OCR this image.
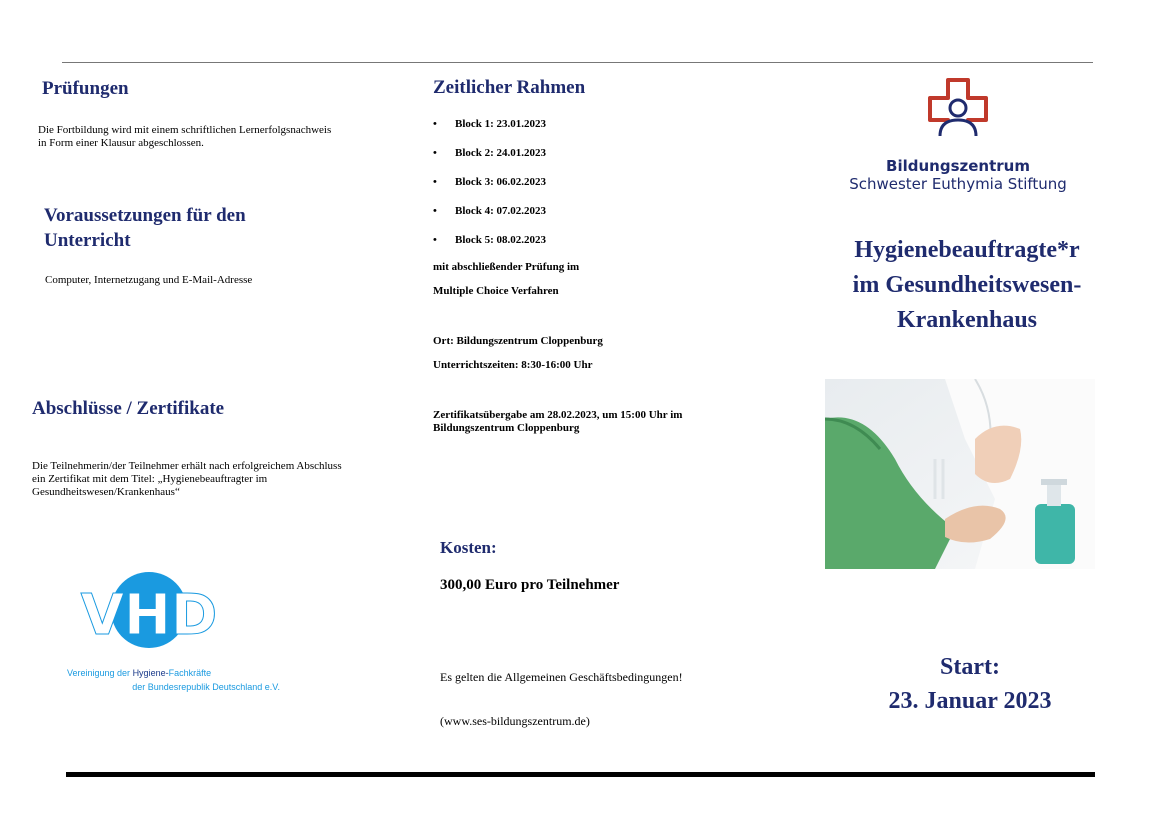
Prüfungen
Die Fortbildung wird mit einem schriftlichen Lernerfolgsnachweis in Form einer Klausur abgeschlossen.
Voraussetzungen für den Unterricht
Computer, Internetzugang und E-Mail-Adresse
Abschlüsse / Zertifikate
Die Teilnehmerin/der Teilnehmer erhält nach erfolgreichem Abschluss ein Zertifikat mit dem Titel: „Hygienebeauftragter im Gesundheitswesen/Krankenhaus“
VHD
Vereinigung der Hygiene-Fachkräfte
der Bundesrepublik Deutschland e.V.
Zeitlicher Rahmen
•	Block 1: 23.01.2023
•	Block 2: 24.01.2023
•	Block 3: 06.02.2023
•	Block 4: 07.02.2023
•	Block 5: 08.02.2023
mit abschließender Prüfung im
Multiple Choice Verfahren
Ort: Bildungszentrum Cloppenburg
Unterrichtszeiten: 8:30-16:00 Uhr
Zertifikatsübergabe am 28.02.2023, um 15:00 Uhr im Bildungszentrum Cloppenburg
Kosten:
300,00 Euro pro Teilnehmer
Es gelten die Allgemeinen Geschäftsbedingungen!
(www.ses-bildungszentrum.de)
Bildungszentrum
Schwester Euthymia Stiftung
Hygienebeauftragte*r
im Gesundheitswesen-
Krankenhaus
Start:
23. Januar 2023
